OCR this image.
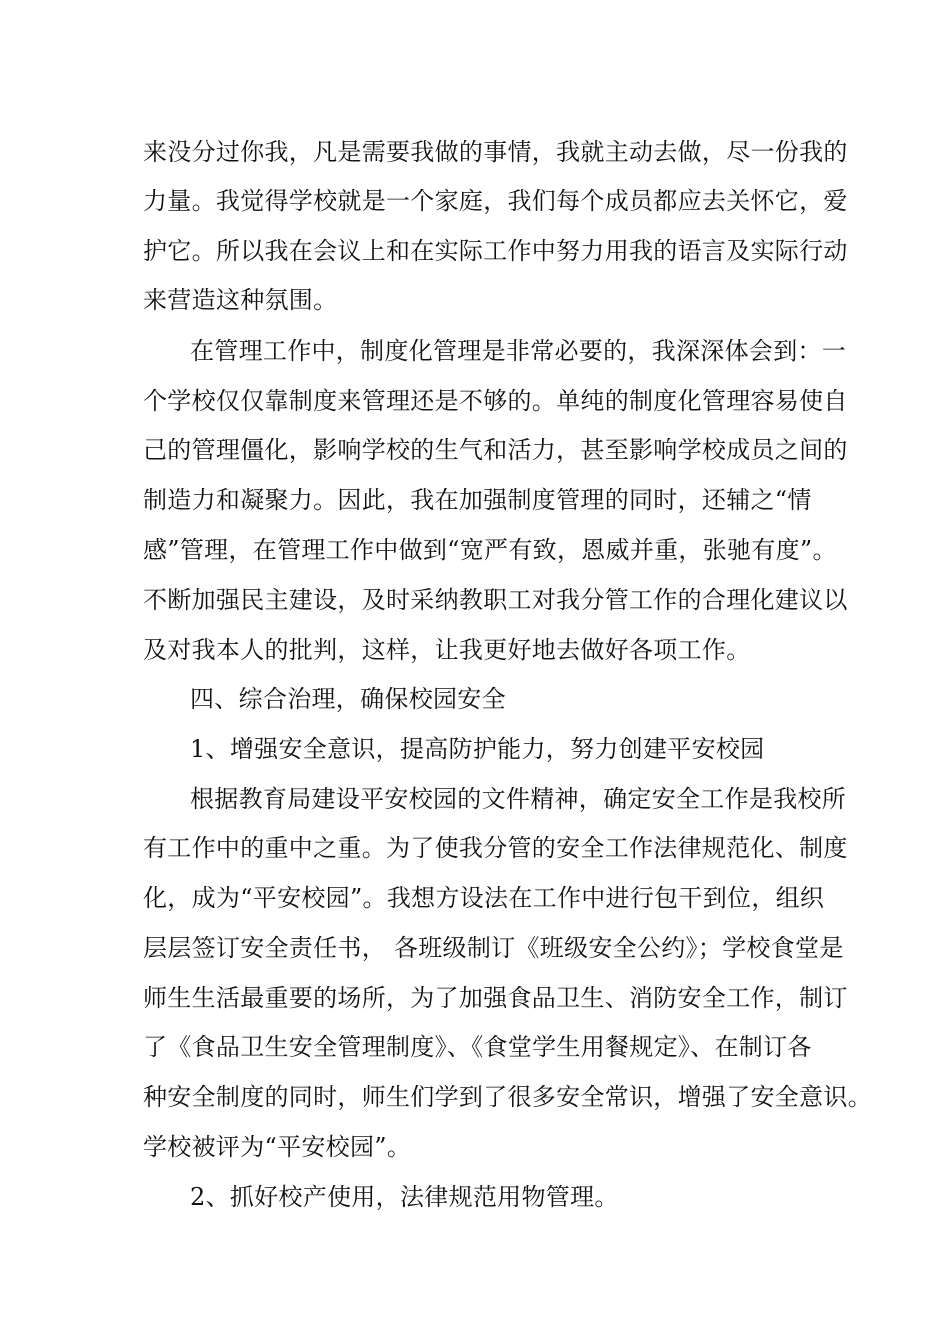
来没分过你我，凡是需要我做的事情，我就主动去做，尽一份我的
力量。我觉得学校就是一个家庭，我们每个成员都应去关怀它，爱
护它。所以我在会议上和在实际工作中努力用我的语言及实际行动
来营造这种氛围。
在管理工作中，制度化管理是非常必要的，我深深体会到：一
个学校仅仅靠制度来管理还是不够的。单纯的制度化管理容易使自
己的管理僵化，影响学校的生气和活力，甚至影响学校成员之间的
制造力和凝聚力。因此，我在加强制度管理的同时，还辅之“情
感”管理，在管理工作中做到“宽严有致，恩威并重，张驰有度”。
不断加强民主建设，及时采纳教职工对我分管工作的合理化建议以
及对我本人的批判，这样，让我更好地去做好各项工作。
四、综合治理，确保校园安全
1、增强安全意识，提高防护能力，努力创建平安校园
根据教育局建设平安校园的文件精神，确定安全工作是我校所
有工作中的重中之重。为了使我分管的安全工作法律规范化、制度
化，成为“平安校园”。我想方设法在工作中进行包干到位，组织
层层签订安全责任书， 各班级制订《班级安全公约》；学校食堂是
师生生活最重要的场所，为了加强食品卫生、消防安全工作，制订
了《食品卫生安全管理制度》、《食堂学生用餐规定》、在制订各
种安全制度的同时，师生们学到了很多安全常识，增强了安全意识。
学校被评为“平安校园”。
2、抓好校产使用，法律规范用物管理。
